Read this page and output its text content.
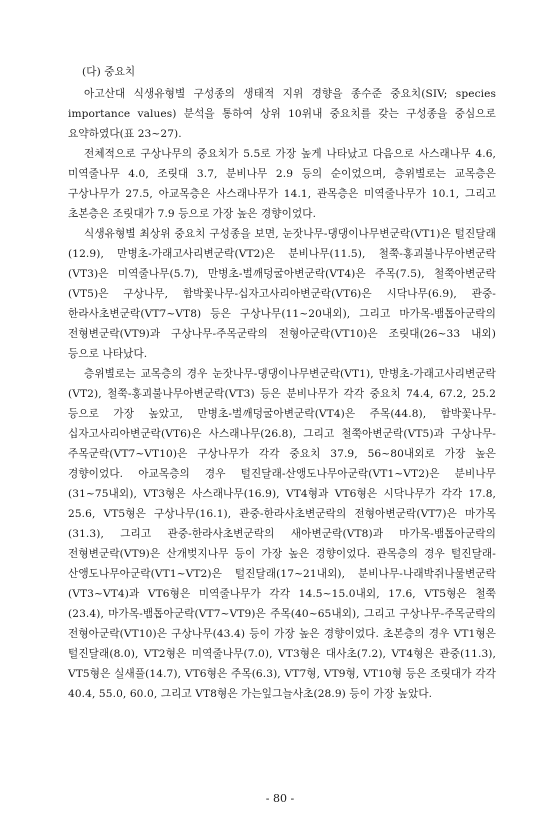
(다) 중요치

아고산대 식생유형별 구성종의 생태적 지위 경향을 종수준 중요치(SIV; species importance values) 분석을 통하여 상위 10위내 중요치를 갖는 구성종을 중심으로 요약하였다(표 23~27).

전체적으로 구상나무의 중요치가 5.5로 가장 높게 나타났고 다음으로 사스래나무 4.6, 미역줄나무 4.0, 조릿대 3.7, 분비나무 2.9 등의 순이었으며, 층위별로는 교목층은 구상나무가 27.5, 아교목층은 사스래나무가 14.1, 관목층은 미역줄나무가 10.1, 그리고 초본층은 조릿대가 7.9 등으로 가장 높은 경향이었다.

식생유형별 최상위 중요치 구성종을 보면, 눈잣나무-댕댕이나무변군락(VT1)은 털진달래(12.9), 만병초-가래고사리변군락(VT2)은 분비나무(11.5), 철쭉-홍괴불나무아변군락(VT3)은 미역줄나무(5.7), 만병초-벌깨덩굴아변군락(VT4)은 주목(7.5), 철쭉아변군락(VT5)은 구상나무, 함박꽃나무-십자고사리아변군락(VT6)은 시닥나무(6.9), 관중-한라사초변군락(VT7~VT8) 등은 구상나무(11~20내외), 그리고 마가목-뱀톱아군락의 전형변군락(VT9)과 구상나무-주목군락의 전형아군락(VT10)은 조릿대(26~33 내외) 등으로 나타났다.

층위별로는 교목층의 경우 눈잣나무-댕댕이나무변군락(VT1), 만병초-가래고사리변군락(VT2), 철쭉-홍괴불나무아변군락(VT3) 등은 분비나무가 각각 중요치 74.4, 67.2, 25.2 등으로 가장 높았고, 만병초-벌깨덩굴아변군락(VT4)은 주목(44.8), 함박꽃나무-십자고사리아변군락(VT6)은 사스래나무(26.8), 그리고 철쭉아변군락(VT5)과 구상나무-주목군락(VT7~VT10)은 구상나무가 각각 중요치 37.9, 56~80내외로 가장 높은 경향이었다. 아교목층의 경우 털진달래-산앵도나무아군락(VT1~VT2)은 분비나무(31~75내외), VT3형은 사스래나무(16.9), VT4형과 VT6형은 시닥나무가 각각 17.8, 25.6, VT5형은 구상나무(16.1), 관중-한라사초변군락의 전형아변군락(VT7)은 마가목(31.3), 그리고 관중-한라사초변군락의 새아변군락(VT8)과 마가목-뱀톱아군락의 전형변군락(VT9)은 산개벚지나무 등이 가장 높은 경향이었다. 관목층의 경우 털진달래-산앵도나무아군락(VT1~VT2)은 털진달래(17~21내외), 분비나무-나래박쥐나물변군락(VT3~VT4)과 VT6형은 미역줄나무가 각각 14.5~15.0내외, 17.6, VT5형은 철쭉(23.4), 마가목-뱀톱아군락(VT7~VT9)은 주목(40~65내외), 그리고 구상나무-주목군락의 전형아군락(VT10)은 구상나무(43.4) 등이 가장 높은 경향이었다. 초본층의 경우 VT1형은 털진달래(8.0), VT2형은 미역줄나무(7.0), VT3형은 대사초(7.2), VT4형은 관중(11.3), VT5형은 실새풀(14.7), VT6형은 주목(6.3), VT7형, VT9형, VT10형 등은 조릿대가 각각 40.4, 55.0, 60.0, 그리고 VT8형은 가는잎그늘사초(28.9) 등이 가장 높았다.

- 80 -
